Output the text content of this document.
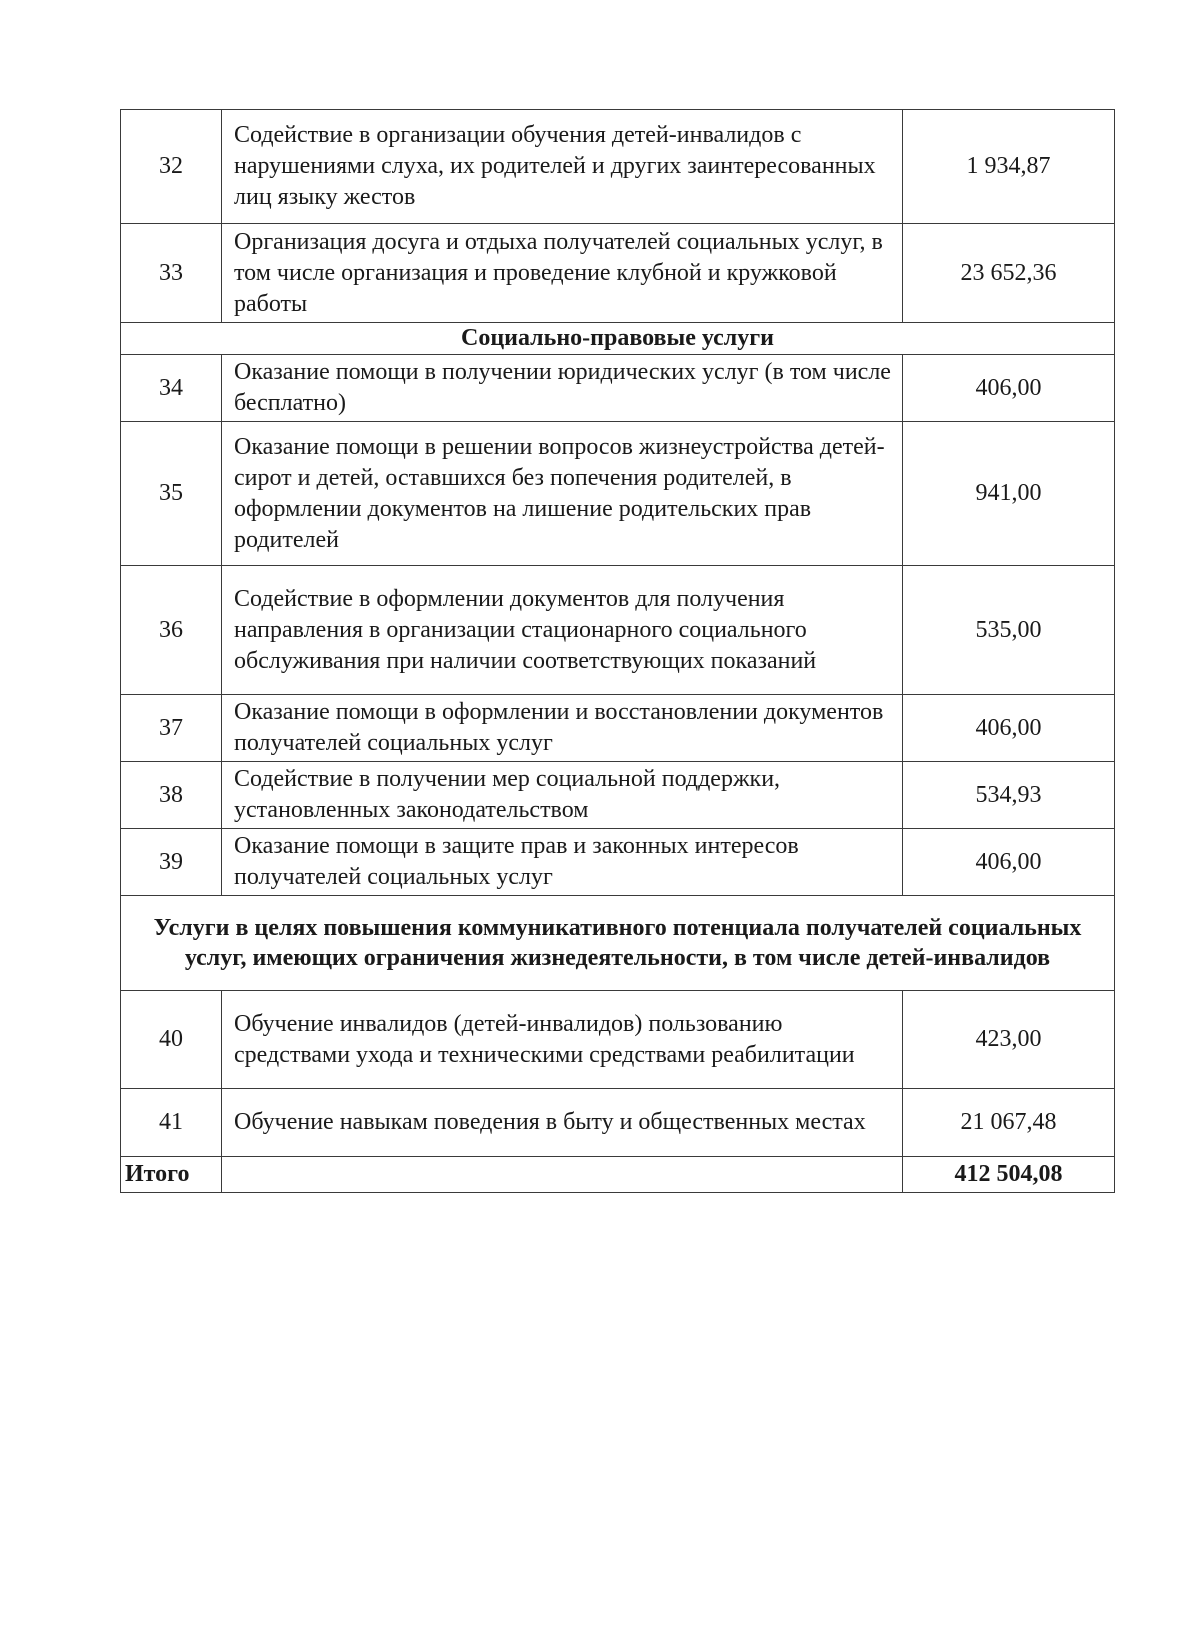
32	Содействие в организации обучения детей-инвалидов с нарушениями слуха, их родителей и других заинтересованных лиц языку жестов	1 934,87
33	Организация досуга и отдыха получателей социальных услуг, в том числе организация и проведение клубной и кружковой работы	23 652,36
Социально-правовые услуги		
34	Оказание помощи в получении юридических услуг (в том числе бесплатно)	406,00
35	Оказание помощи в решении вопросов жизнеустройства детей-сирот и детей, оставшихся без попечения родителей, в оформлении документов на лишение родительских прав родителей	941,00
36	Содействие в оформлении документов для получения направления в организации стационарного социального обслуживания при наличии соответствующих показаний	535,00
37	Оказание помощи в оформлении и восстановлении документов получателей социальных услуг	406,00
38	Содействие в получении мер социальной поддержки, установленных законодательством	534,93
39	Оказание помощи в защите прав и законных интересов получателей социальных услуг	406,00
Услуги в целях повышения коммуникативного потенциала получателей социальных услуг, имеющих ограничения жизнедеятельности, в том числе детей-инвалидов		
40	Обучение инвалидов (детей-инвалидов) пользованию средствами ухода и техническими средствами реабилитации	423,00
41	Обучение навыкам поведения в быту и общественных местах	21 067,48
Итого		412 504,08
